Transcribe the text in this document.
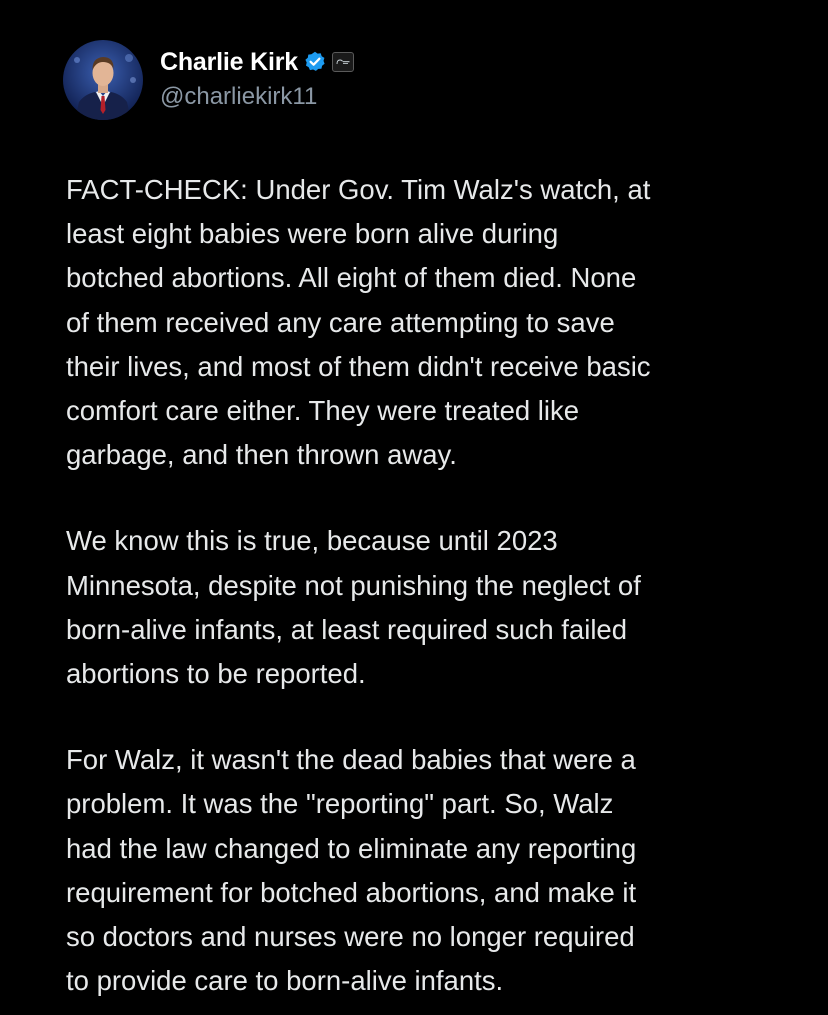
Charlie Kirk
@charliekirk11

FACT-CHECK: Under Gov. Tim Walz's watch, at
least eight babies were born alive during
botched abortions. All eight of them died. None
of them received any care attempting to save
their lives, and most of them didn't receive basic
comfort care either. They were treated like
garbage, and then thrown away.

We know this is true, because until 2023
Minnesota, despite not punishing the neglect of
born-alive infants, at least required such failed
abortions to be reported.

For Walz, it wasn't the dead babies that were a
problem. It was the "reporting" part. So, Walz
had the law changed to eliminate any reporting
requirement for botched abortions, and make it
so doctors and nurses were no longer required
to provide care to born-alive infants.
